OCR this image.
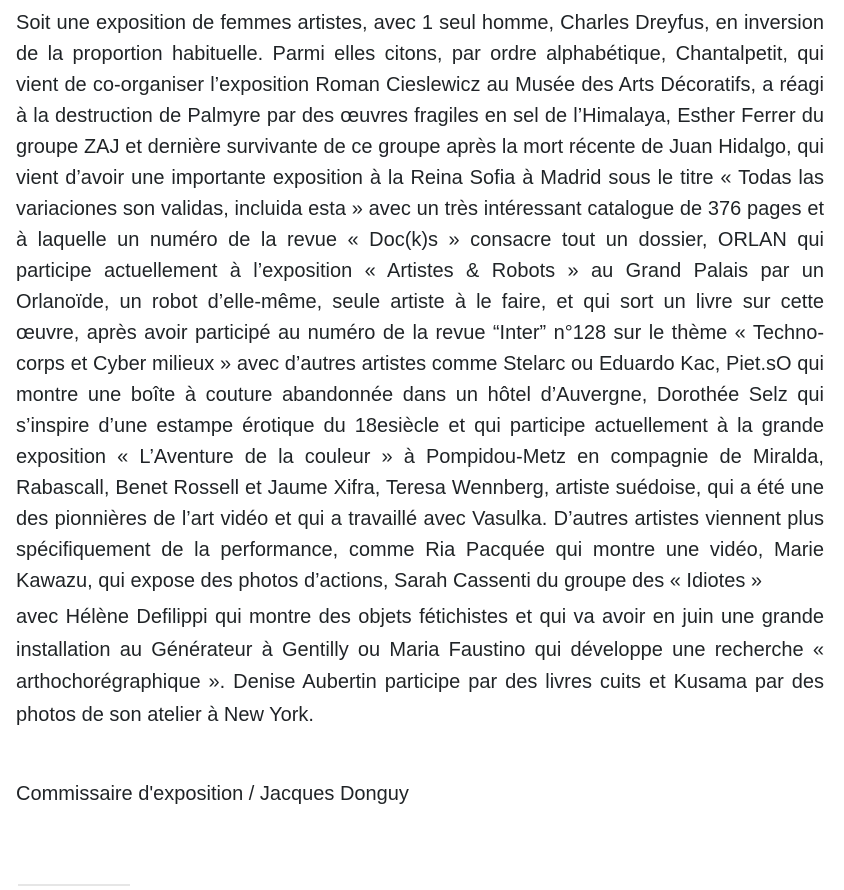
Soit une exposition de femmes artistes, avec 1 seul homme, Charles Dreyfus, en inversion de la proportion habituelle. Parmi elles citons, par ordre alphabétique, Chantalpetit, qui vient de co-organiser l’exposition Roman Cieslewicz au Musée des Arts Décoratifs, a réagi à la destruction de Palmyre par des œuvres fragiles en sel de l’Himalaya, Esther Ferrer du groupe ZAJ et dernière survivante de ce groupe après la mort récente de Juan Hidalgo, qui vient d’avoir une importante exposition à la Reina Sofia à Madrid sous le titre « Todas las variaciones son validas, incluida esta » avec un très intéressant catalogue de 376 pages et à laquelle un numéro de la revue « Doc(k)s » consacre tout un dossier, ORLAN qui participe actuellement à l’exposition « Artistes & Robots » au Grand Palais par un Orlanoïde, un robot d’elle-même, seule artiste à le faire, et qui sort un livre sur cette œuvre, après avoir participé au numéro de la revue “Inter” n°128 sur le thème « Techno-corps et Cyber milieux » avec d’autres artistes comme Stelarc ou Eduardo Kac, Piet.sO qui montre une boîte à couture abandonnée dans un hôtel d’Auvergne, Dorothée Selz qui s’inspire d’une estampe érotique du 18esiècle et qui participe actuellement à la grande exposition « L’Aventure de la couleur » à Pompidou-Metz en compagnie de Miralda, Rabascall, Benet Rossell et Jaume Xifra, Teresa Wennberg, artiste suédoise, qui a été une des pionnières de l’art vidéo et qui a travaillé avec Vasulka. D’autres artistes viennent plus spécifiquement de la performance, comme Ria Pacquée qui montre une vidéo, Marie Kawazu, qui expose des photos d’actions, Sarah Cassenti du groupe des « Idiotes »

avec Hélène Defilippi qui montre des objets fétichistes et qui va avoir en juin une grande installation au Générateur à Gentilly ou Maria Faustino qui développe une recherche « arthochorégraphique ». Denise Aubertin participe par des livres cuits et Kusama par des photos de son atelier à New York.

Commissaire d'exposition / Jacques Donguy
